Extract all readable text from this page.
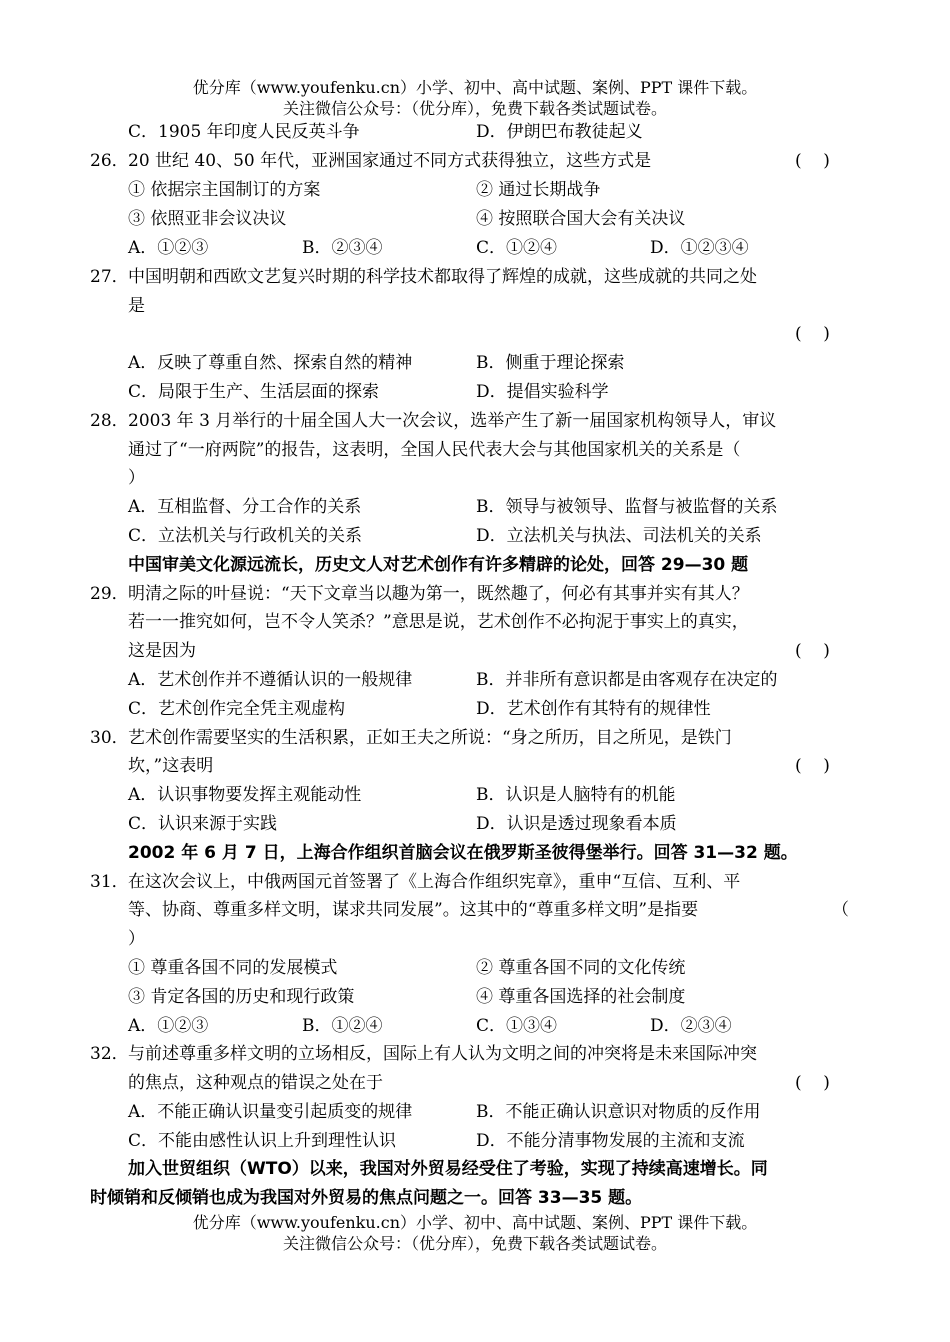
优分库（www.youfenku.cn）小学、初中、高中试题、案例、PPT 课件下载。
关注微信公众号：（优分库），免费下载各类试题试卷。
C．1905 年印度人民反英斗争	D．伊朗巴布教徒起义
26． 20 世纪 40、50 年代，亚洲国家通过不同方式获得独立，这些方式是	(    )
① 依据宗主国制订的方案	② 通过长期战争
③ 依照亚非会议决议	④ 按照联合国大会有关决议
A．①②③	B．②③④	C．①②④	D．①②③④
27． 中国明朝和西欧文艺复兴时期的科学技术都取得了辉煌的成就，这些成就的共同之处
是
(    )
A．反映了尊重自然、探索自然的精神	B．侧重于理论探索
C．局限于生产、生活层面的探索	D．提倡实验科学
28． 2003 年 3 月举行的十届全国人大一次会议，选举产生了新一届国家机构领导人，审议
通过了“一府两院”的报告，这表明，全国人民代表大会与其他国家机关的关系是（
）
A．互相监督、分工合作的关系	B．领导与被领导、监督与被监督的关系
C．立法机关与行政机关的关系	D．立法机关与执法、司法机关的关系
中国审美文化源远流长，历史文人对艺术创作有许多精辟的论处，回答 29—30 题
29． 明清之际的叶昼说：“天下文章当以趣为第一，既然趣了，何必有其事并实有其人？
若一一推究如何，岂不令人笑杀？”意思是说，艺术创作不必拘泥于事实上的真实，
这是因为	(    )
A．艺术创作并不遵循认识的一般规律	B．并非所有意识都是由客观存在决定的
C．艺术创作完全凭主观虚构	D．艺术创作有其特有的规律性
30． 艺术创作需要坚实的生活积累，正如王夫之所说：“身之所历，目之所见，是铁门
坎，”这表明	(    )
A．认识事物要发挥主观能动性	B．认识是人脑特有的机能
C．认识来源于实践	D．认识是透过现象看本质
2002 年 6 月 7 日，上海合作组织首脑会议在俄罗斯圣彼得堡举行。回答 31—32 题。
31． 在这次会议上，中俄两国元首签署了《上海合作组织宪章》，重申“互信、互利、平
等、协商、尊重多样文明，谋求共同发展”。这其中的“尊重多样文明”是指要	（
）
① 尊重各国不同的发展模式	② 尊重各国不同的文化传统
③ 肯定各国的历史和现行政策	④ 尊重各国选择的社会制度
A．①②③	B．①②④	C．①③④	D．②③④
32． 与前述尊重多样文明的立场相反，国际上有人认为文明之间的冲突将是未来国际冲突
的焦点，这种观点的错误之处在于	(    )
A．不能正确认识量变引起质变的规律	B．不能正确认识意识对物质的反作用
C．不能由感性认识上升到理性认识	D．不能分清事物发展的主流和支流
加入世贸组织（WTO）以来，我国对外贸易经受住了考验，实现了持续高速增长。同
时倾销和反倾销也成为我国对外贸易的焦点问题之一。回答 33—35 题。
优分库（www.youfenku.cn）小学、初中、高中试题、案例、PPT 课件下载。
关注微信公众号：（优分库），免费下载各类试题试卷。
